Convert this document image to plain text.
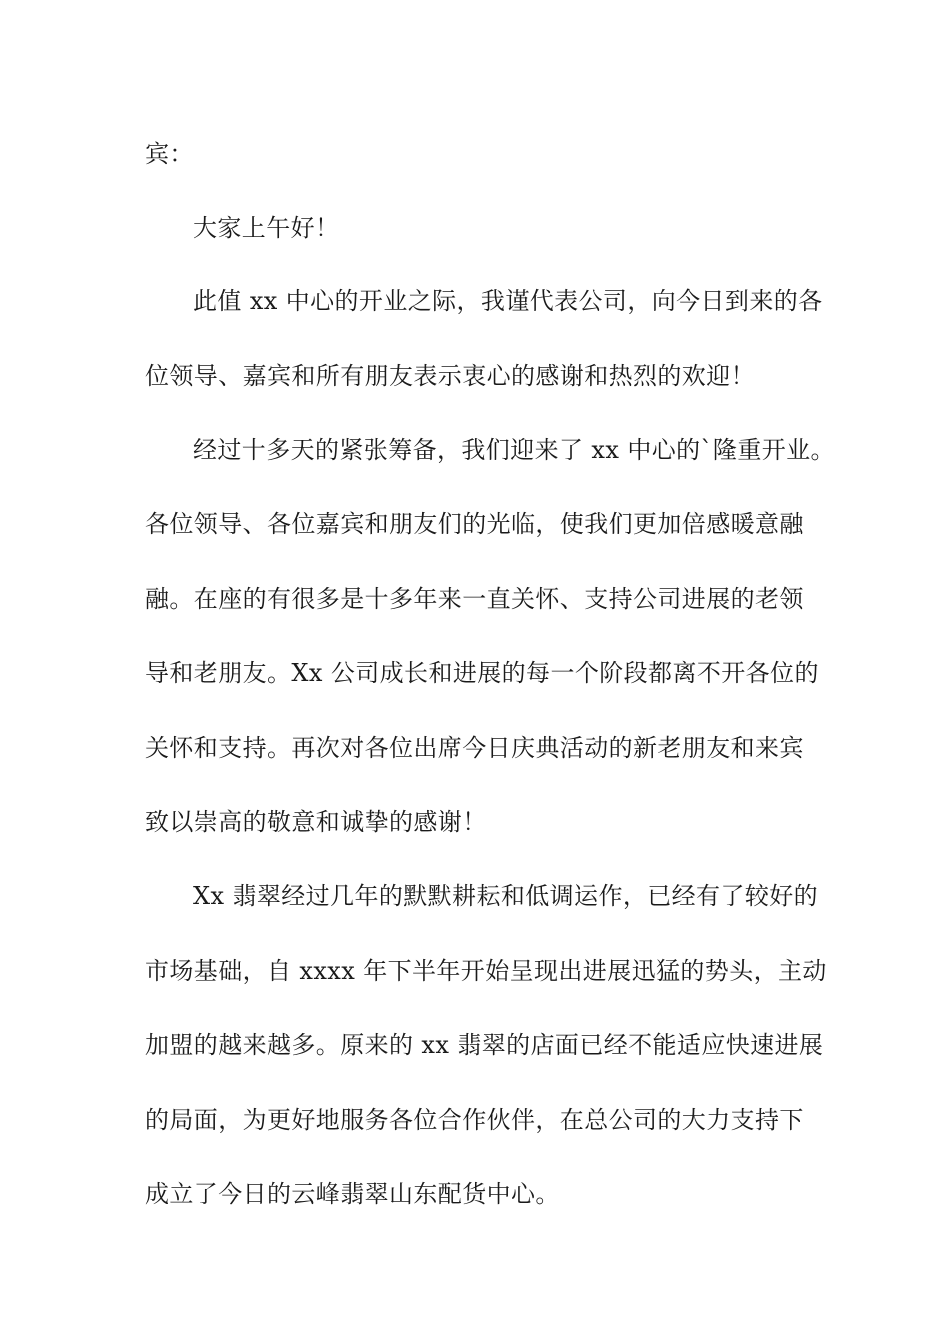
宾：
大家上午好！
此值 xx 中心的开业之际，我谨代表公司，向今日到来的各
位领导、嘉宾和所有朋友表示衷心的感谢和热烈的欢迎！
经过十多天的紧张筹备，我们迎来了 xx 中心的`隆重开业。
各位领导、各位嘉宾和朋友们的光临，使我们更加倍感暖意融
融。在座的有很多是十多年来一直关怀、支持公司进展的老领
导和老朋友。Xx 公司成长和进展的每一个阶段都离不开各位的
关怀和支持。再次对各位出席今日庆典活动的新老朋友和来宾
致以崇高的敬意和诚挚的感谢！
Xx 翡翠经过几年的默默耕耘和低调运作，已经有了较好的
市场基础，自 xxxx 年下半年开始呈现出进展迅猛的势头，主动
加盟的越来越多。原来的 xx 翡翠的店面已经不能适应快速进展
的局面，为更好地服务各位合作伙伴，在总公司的大力支持下
成立了今日的云峰翡翠山东配货中心。
